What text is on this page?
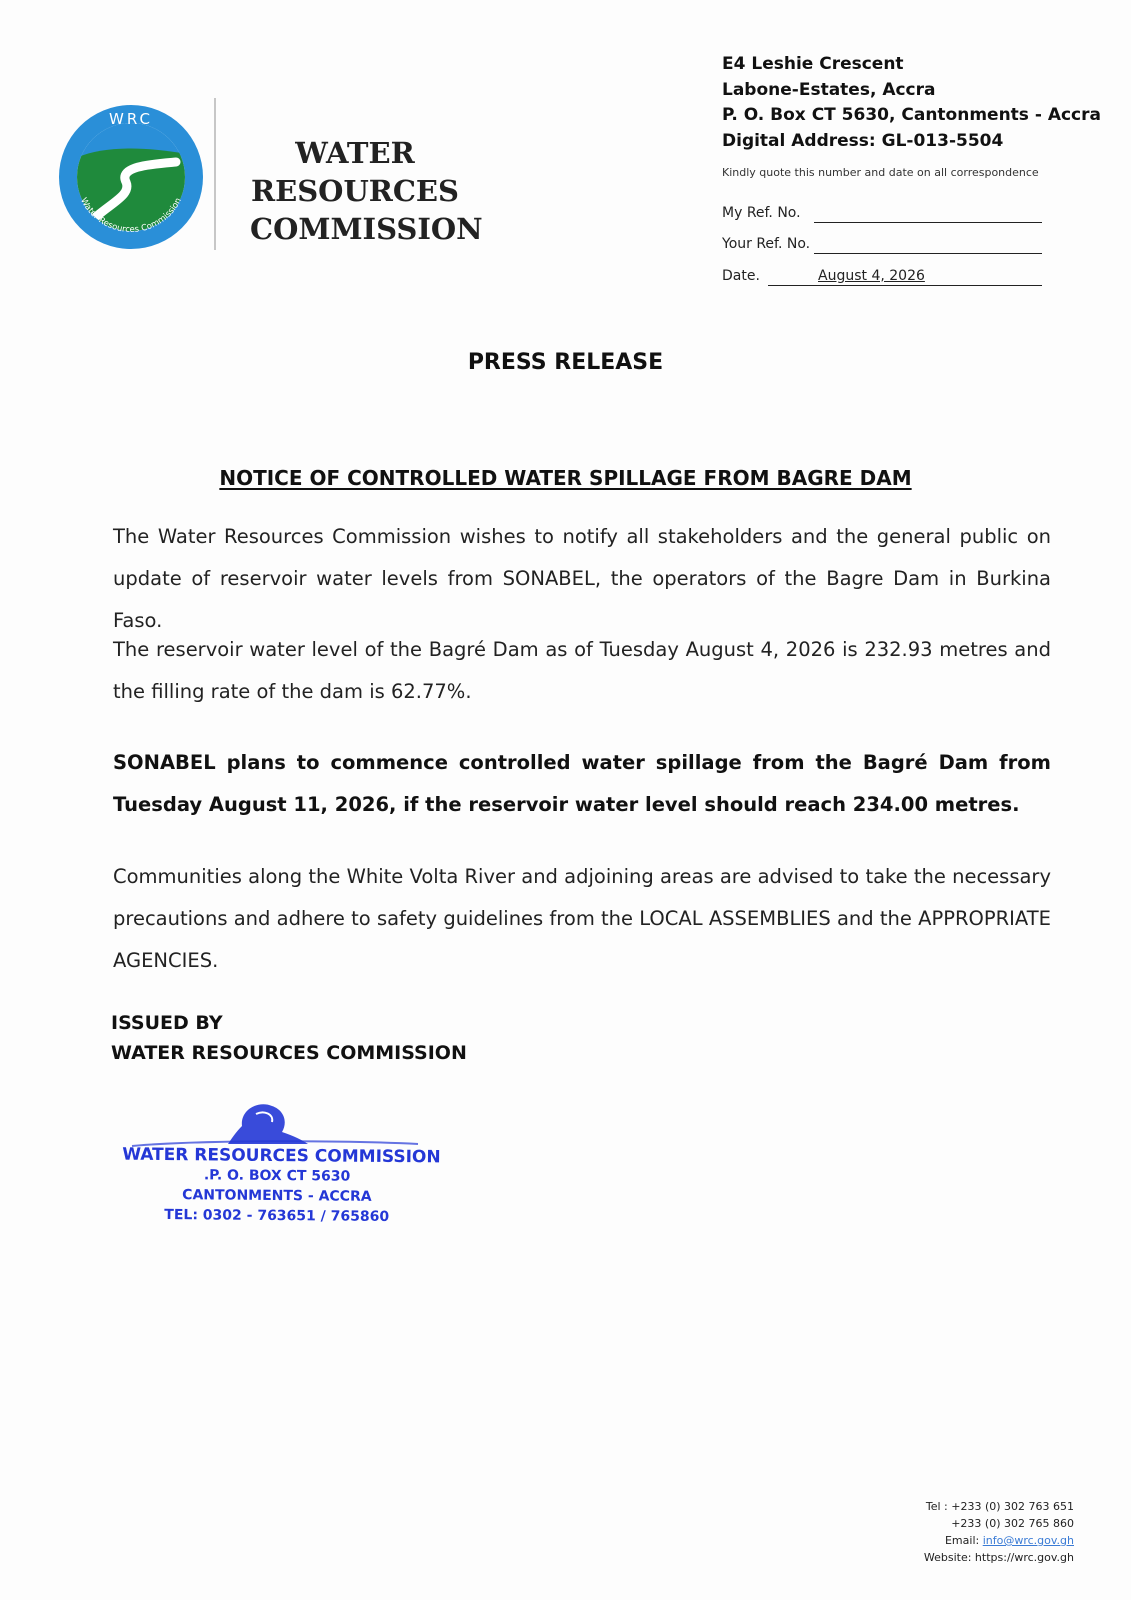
WRC
Water Resources Commission
WATER
RESOURCES
COMMISSION
E4 Leshie Crescent
Labone-Estates, Accra
P. O. Box CT 5630, Cantonments - Accra
Digital Address: GL-013-5504
Kindly quote this number and date on all correspondence
My Ref. No.
Your Ref. No.
Date.	August 4, 2026
PRESS RELEASE
NOTICE OF CONTROLLED WATER SPILLAGE FROM BAGRE DAM
The Water Resources Commission wishes to notify all stakeholders and the general public on update of reservoir water levels from SONABEL, the operators of the Bagre Dam in Burkina Faso.
The reservoir water level of the Bagré Dam as of Tuesday August 4, 2026 is 232.93 metres and the filling rate of the dam is 62.77%.
SONABEL plans to commence controlled water spillage from the Bagré Dam from Tuesday August 11, 2026, if the reservoir water level should reach 234.00 metres.
Communities along the White Volta River and adjoining areas are advised to take the necessary precautions and adhere to safety guidelines from the LOCAL ASSEMBLIES and the APPROPRIATE AGENCIES.
ISSUED BY
WATER RESOURCES COMMISSION
WATER RESOURCES COMMISSION
.P. O. BOX CT 5630
CANTONMENTS - ACCRA
TEL: 0302 - 763651 / 765860
Tel : +233 (0) 302 763 651
+233 (0) 302 765 860
Email: info@wrc.gov.gh
Website: https://wrc.gov.gh
